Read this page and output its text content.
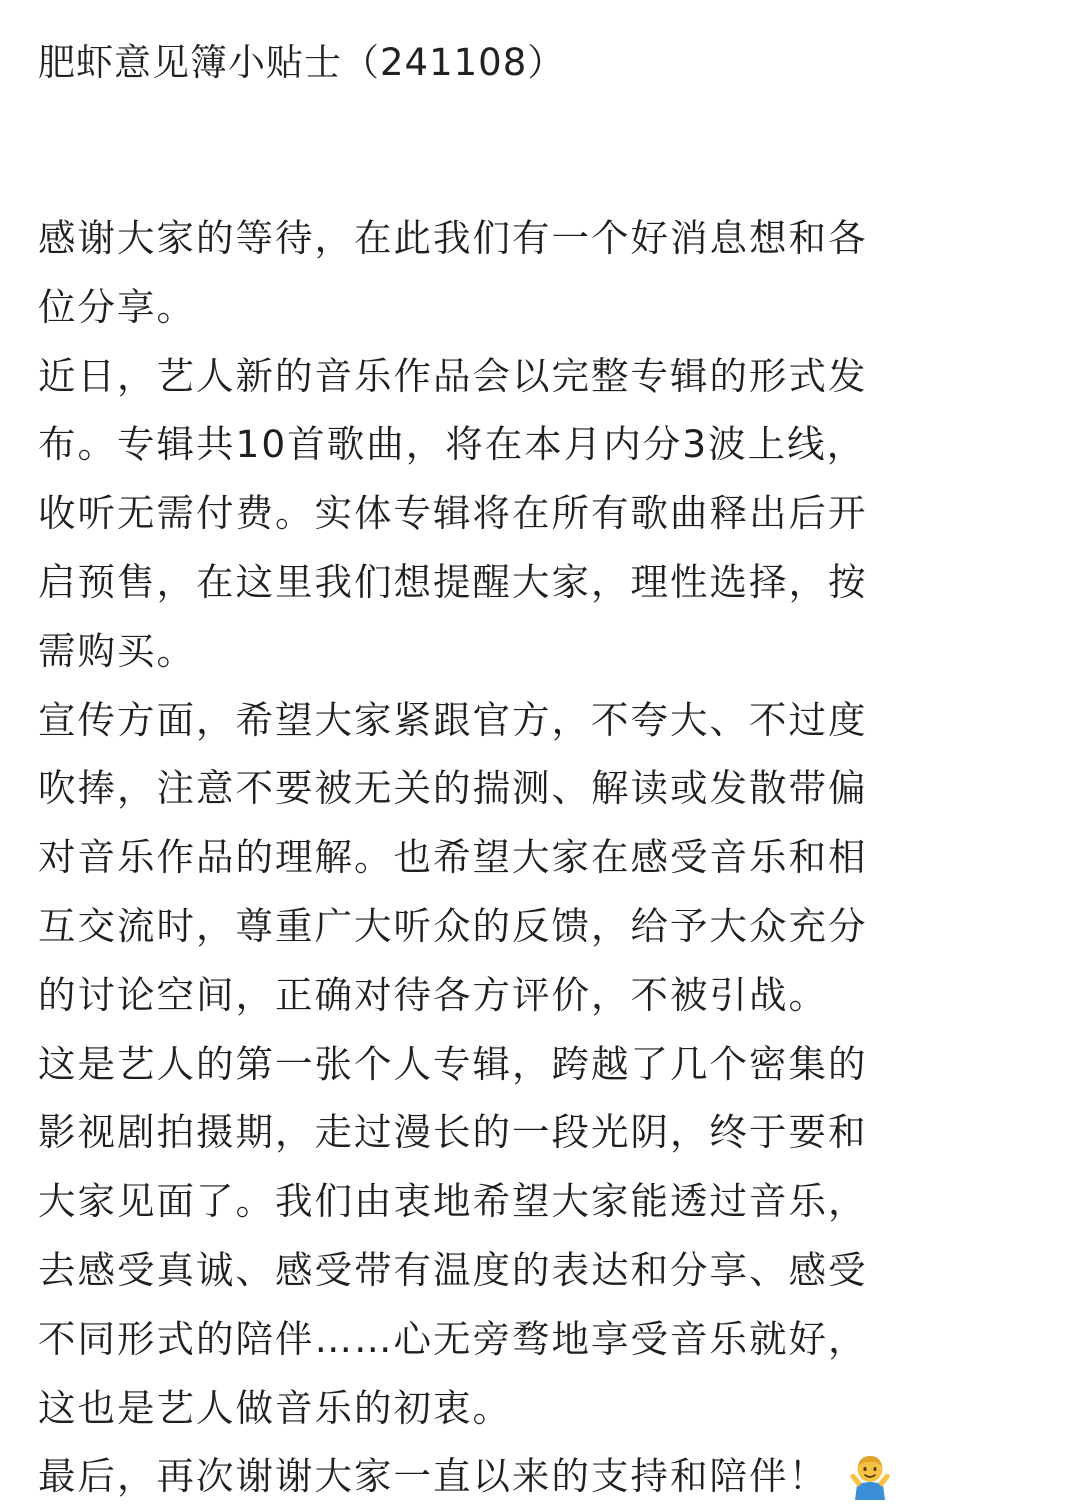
肥虾意见簿小贴士（241108）

感谢大家的等待，在此我们有一个好消息想和各
位分享。

近日，艺人新的音乐作品会以完整专辑的形式发
布。专辑共10首歌曲，将在本月内分3波上线，
收听无需付费。实体专辑将在所有歌曲释出后开
启预售，在这里我们想提醒大家，理性选择，按
需购买。

宣传方面，希望大家紧跟官方，不夸大、不过度
吹捧，注意不要被无关的揣测、解读或发散带偏
对音乐作品的理解。也希望大家在感受音乐和相
互交流时，尊重广大听众的反馈，给予大众充分
的讨论空间，正确对待各方评价，不被引战。

这是艺人的第一张个人专辑，跨越了几个密集的
影视剧拍摄期，走过漫长的一段光阴，终于要和
大家见面了。我们由衷地希望大家能透过音乐，
去感受真诚、感受带有温度的表达和分享、感受
不同形式的陪伴……心无旁骛地享受音乐就好，
这也是艺人做音乐的初衷。

最后，再次谢谢大家一直以来的支持和陪伴！
